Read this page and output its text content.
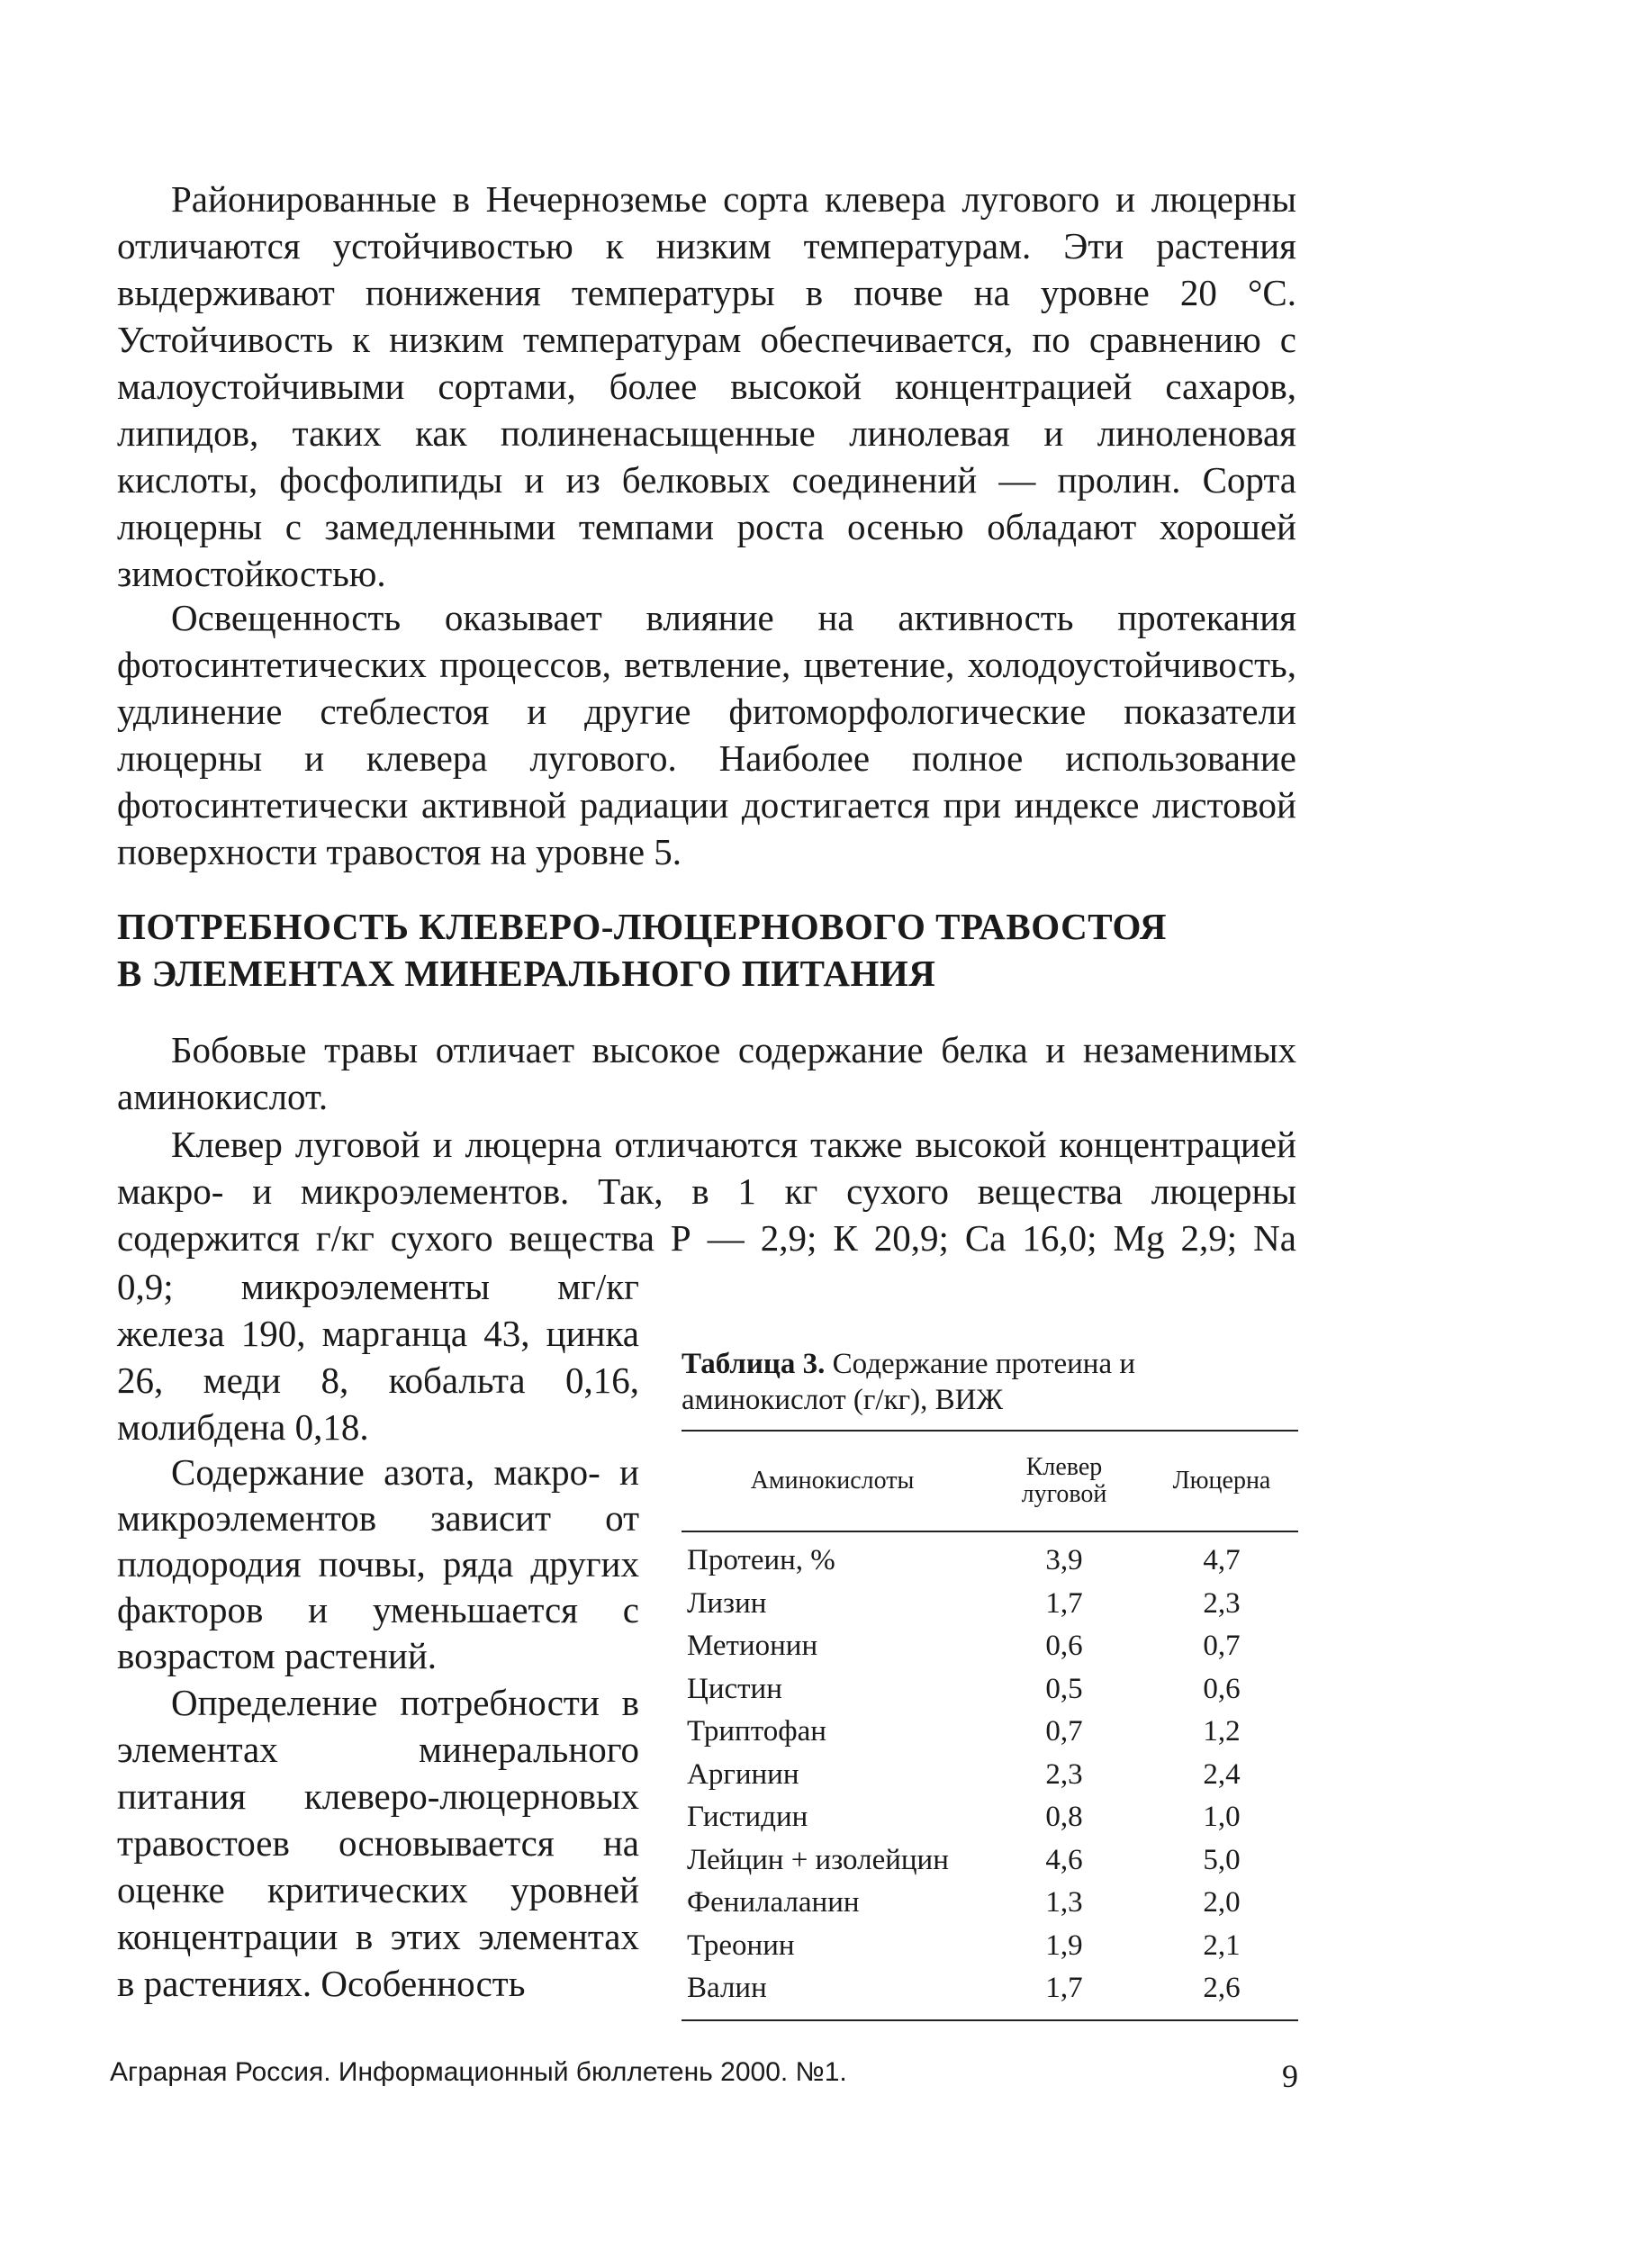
Районированные в Нечерноземье сорта клевера лугового и люцерны отличаются устойчивостью к низким температурам. Эти растения выдерживают понижения температуры в почве на уровне 20 °С. Устойчивость к низким температурам обеспечивается, по сравнению с малоустойчивыми сортами, более высокой концентрацией сахаров, липидов, таких как полиненасыщенные линолевая и линоленовая кислоты, фосфолипиды и из белковых соединений — пролин. Сорта люцерны с замедленными темпами роста осенью обладают хорошей зимостойкостью.

Освещенность оказывает влияние на активность протекания фотосинтетических процессов, ветвление, цветение, холодоустойчивость, удлинение стеблестоя и другие фитоморфологические показатели люцерны и клевера лугового. Наиболее полное использование фотосинтетически активной радиации достигается при индексе листовой поверхности травостоя на уровне 5.

ПОТРЕБНОСТЬ КЛЕВЕРО-ЛЮЦЕРНОВОГО ТРАВОСТОЯ
В ЭЛЕМЕНТАХ МИНЕРАЛЬНОГО ПИТАНИЯ

Бобовые травы отличает высокое содержание белка и незаменимых аминокислот.

Клевер луговой и люцерна отличаются также высокой концентрацией макро- и микроэлементов. Так, в 1 кг сухого вещества люцерны содержится г/кг сухого вещества Р — 2,9; К 20,9; Са 16,0; Mg 2,9; Na

0,9; микроэлементы мг/кг железа 190, марганца 43, цинка 26, меди 8, кобальта 0,16, молибдена 0,18.

Содержание азота, макро- и микроэлементов зависит от плодородия почвы, ряда других факторов и уменьшается с возрастом растений.

Определение потребности в элементах минерального питания клеверо-люцерновых травостоев основывается на оценке критических уровней концентрации в этих элементах в растениях. Особенность

Таблица 3. Содержание протеина и аминокислот (г/кг), ВИЖ

Аминокислоты	Клевер луговой	Люцерна
Протеин, %	3,9	4,7
Лизин	1,7	2,3
Метионин	0,6	0,7
Цистин	0,5	0,6
Триптофан	0,7	1,2
Аргинин	2,3	2,4
Гистидин	0,8	1,0
Лейцин + изолейцин	4,6	5,0
Фенилаланин	1,3	2,0
Треонин	1,9	2,1
Валин	1,7	2,6
Аграрная Россия. Информационный бюллетень 2000. №1.	9
